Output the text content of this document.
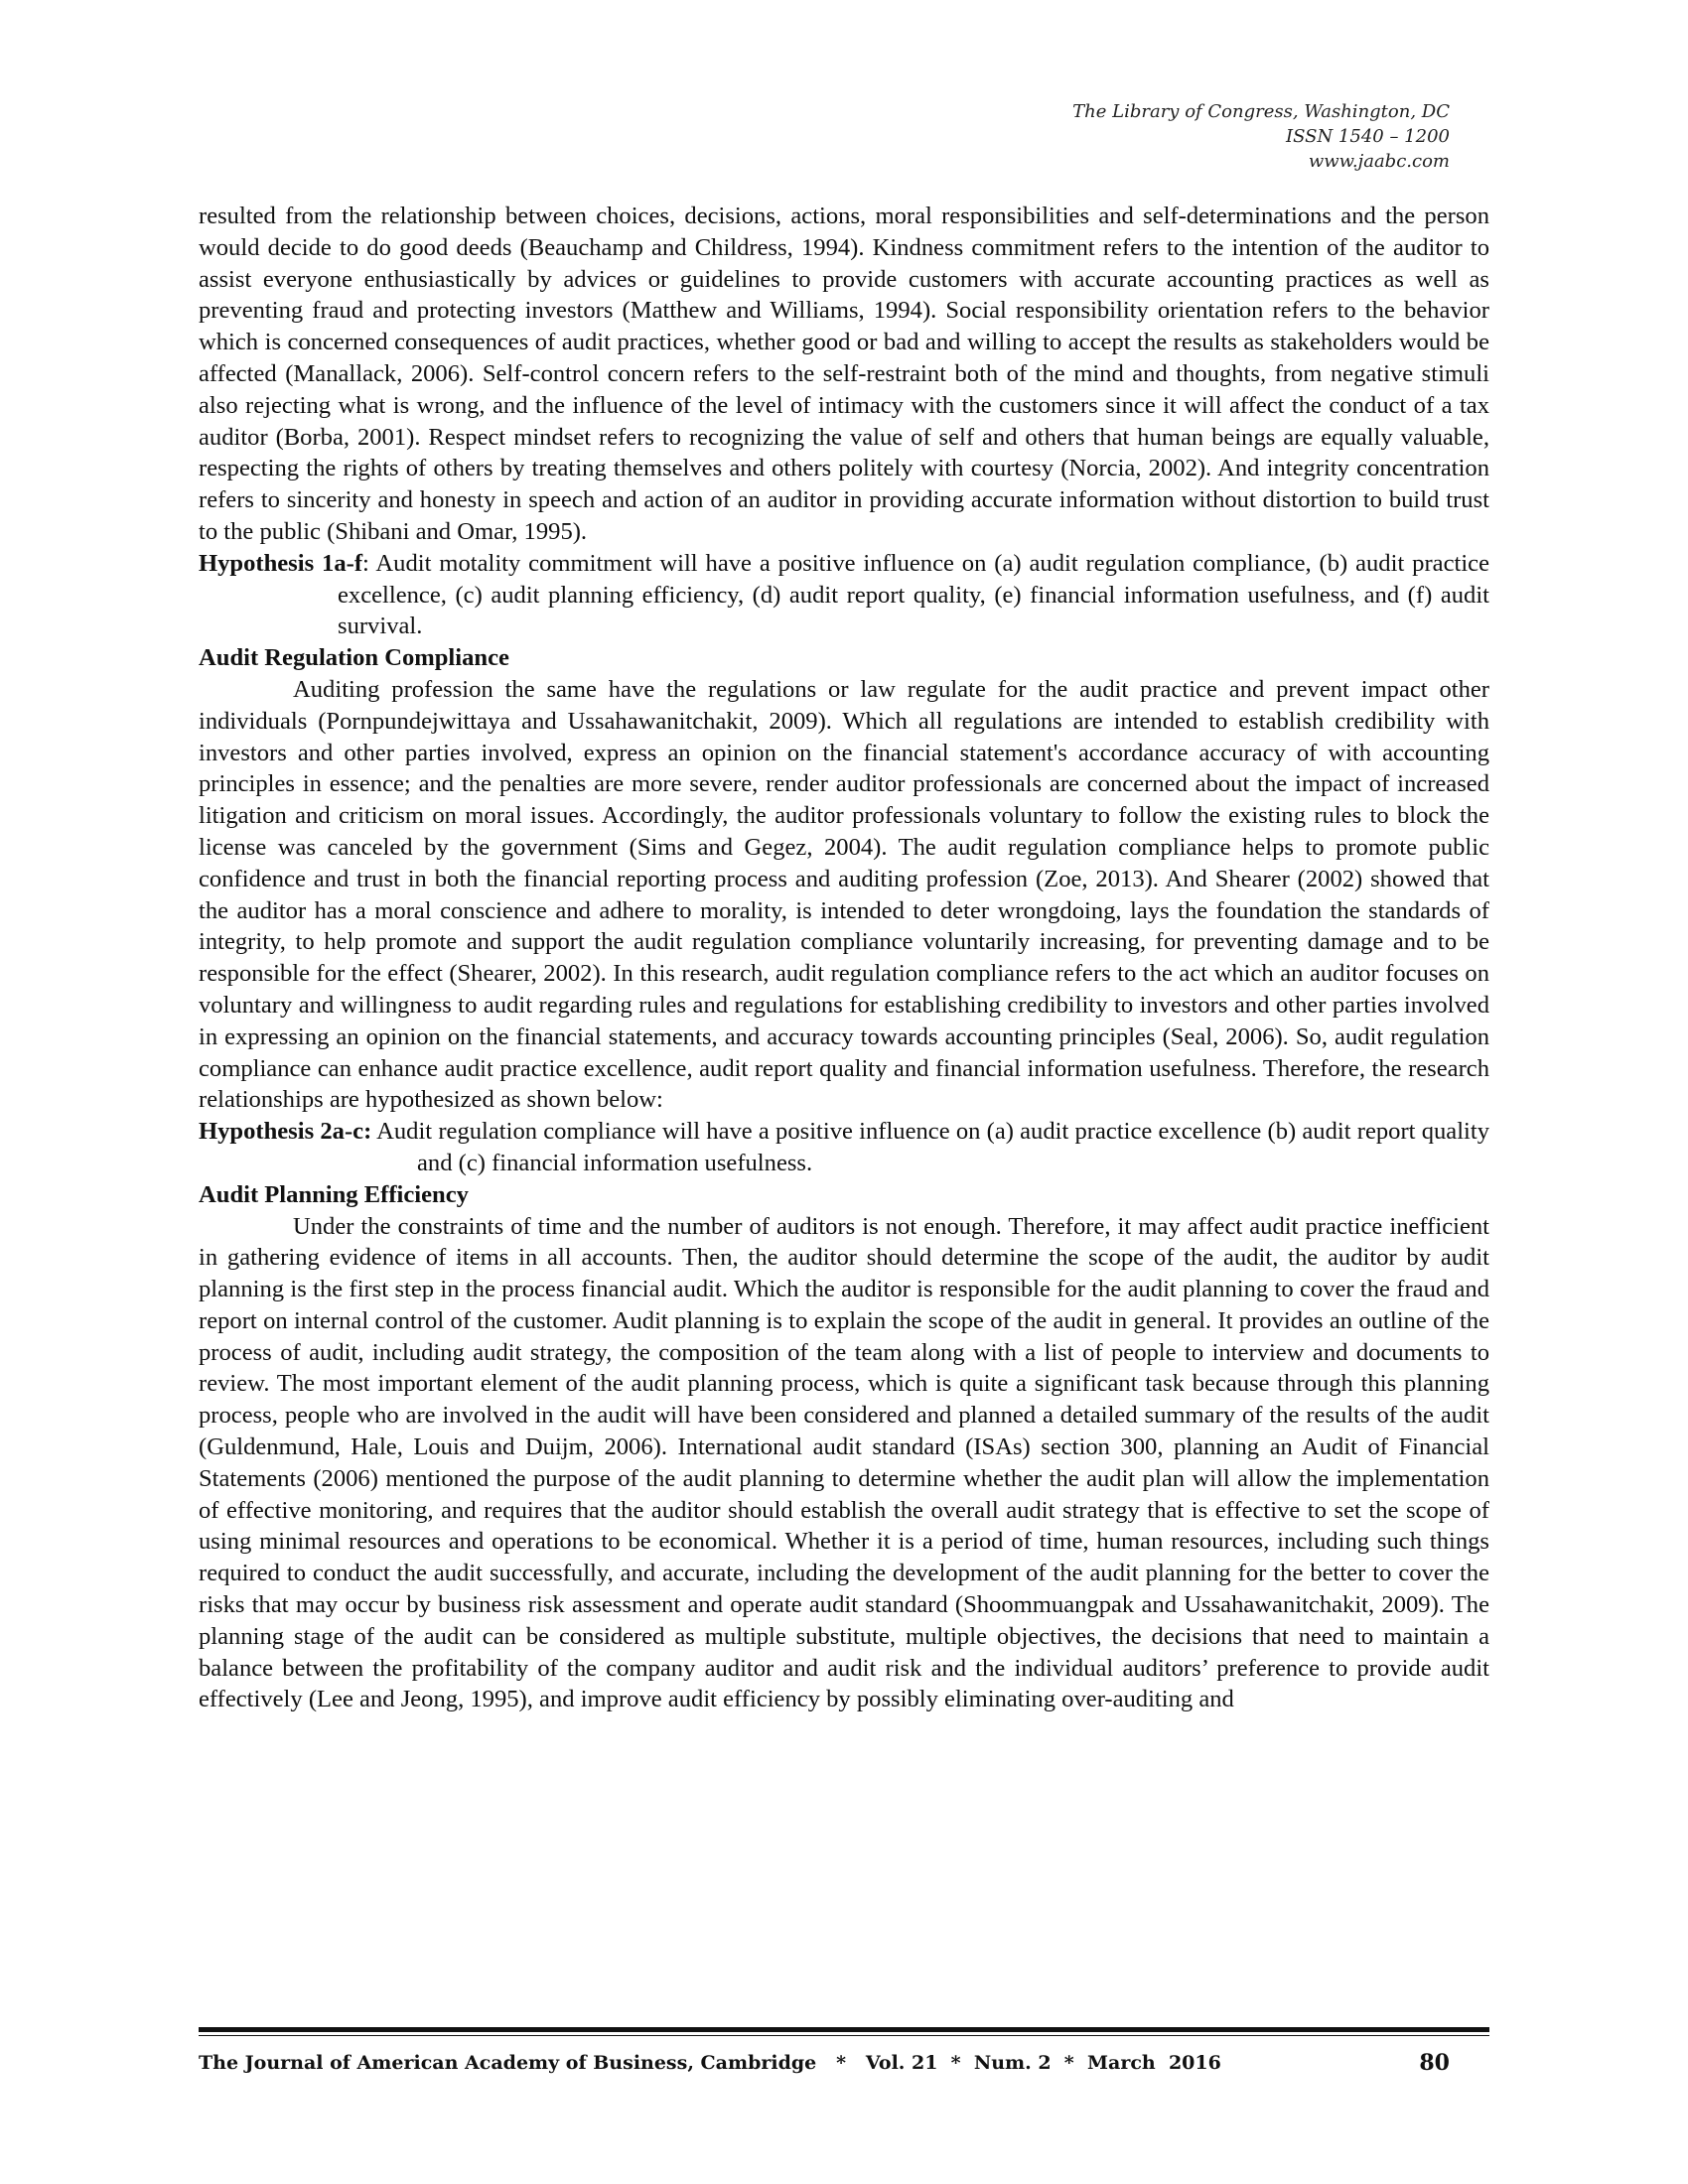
The Library of Congress, Washington, DC
ISSN 1540 – 1200
www.jaabc.com

resulted from the relationship between choices, decisions, actions, moral responsibilities and self-determinations and the person would decide to do good deeds (Beauchamp and Childress, 1994). Kindness commitment refers to the intention of the auditor to assist everyone enthusiastically by advices or guidelines to provide customers with accurate accounting practices as well as preventing fraud and protecting investors (Matthew and Williams, 1994). Social responsibility orientation refers to the behavior which is concerned consequences of audit practices, whether good or bad and willing to accept the results as stakeholders would be affected (Manallack, 2006). Self-control concern refers to the self-restraint both of the mind and thoughts, from negative stimuli also rejecting what is wrong, and the influence of the level of intimacy with the customers since it will affect the conduct of a tax auditor (Borba, 2001). Respect mindset refers to recognizing the value of self and others that human beings are equally valuable, respecting the rights of others by treating themselves and others politely with courtesy (Norcia, 2002). And integrity concentration refers to sincerity and honesty in speech and action of an auditor in providing accurate information without distortion to build trust to the public (Shibani and Omar, 1995).

Hypothesis 1a-f: Audit motality commitment will have a positive influence on (a) audit regulation compliance, (b) audit practice excellence, (c) audit planning efficiency, (d) audit report quality, (e) financial information usefulness, and (f) audit survival.

Audit Regulation Compliance

Auditing profession the same have the regulations or law regulate for the audit practice and prevent impact other individuals (Pornpundejwittaya and Ussahawanitchakit, 2009). Which all regulations are intended to establish credibility with investors and other parties involved, express an opinion on the financial statement's accordance accuracy of with accounting principles in essence; and the penalties are more severe, render auditor professionals are concerned about the impact of increased litigation and criticism on moral issues. Accordingly, the auditor professionals voluntary to follow the existing rules to block the license was canceled by the government (Sims and Gegez, 2004). The audit regulation compliance helps to promote public confidence and trust in both the financial reporting process and auditing profession (Zoe, 2013). And Shearer (2002) showed that the auditor has a moral conscience and adhere to morality, is intended to deter wrongdoing, lays the foundation the standards of integrity, to help promote and support the audit regulation compliance voluntarily increasing, for preventing damage and to be responsible for the effect (Shearer, 2002). In this research, audit regulation compliance refers to the act which an auditor focuses on voluntary and willingness to audit regarding rules and regulations for establishing credibility to investors and other parties involved in expressing an opinion on the financial statements, and accuracy towards accounting principles (Seal, 2006). So, audit regulation compliance can enhance audit practice excellence, audit report quality and financial information usefulness. Therefore, the research relationships are hypothesized as shown below:

Hypothesis 2a-c: Audit regulation compliance will have a positive influence on (a) audit practice excellence (b) audit report quality and (c) financial information usefulness.

Audit Planning Efficiency

Under the constraints of time and the number of auditors is not enough. Therefore, it may affect audit practice inefficient in gathering evidence of items in all accounts. Then, the auditor should determine the scope of the audit, the auditor by audit planning is the first step in the process financial audit. Which the auditor is responsible for the audit planning to cover the fraud and report on internal control of the customer. Audit planning is to explain the scope of the audit in general. It provides an outline of the process of audit, including audit strategy, the composition of the team along with a list of people to interview and documents to review. The most important element of the audit planning process, which is quite a significant task because through this planning process, people who are involved in the audit will have been considered and planned a detailed summary of the results of the audit (Guldenmund, Hale, Louis and Duijm, 2006). International audit standard (ISAs) section 300, planning an Audit of Financial Statements (2006) mentioned the purpose of the audit planning to determine whether the audit plan will allow the implementation of effective monitoring, and requires that the auditor should establish the overall audit strategy that is effective to set the scope of using minimal resources and operations to be economical. Whether it is a period of time, human resources, including such things required to conduct the audit successfully, and accurate, including the development of the audit planning for the better to cover the risks that may occur by business risk assessment and operate audit standard (Shoommuangpak and Ussahawanitchakit, 2009). The planning stage of the audit can be considered as multiple substitute, multiple objectives, the decisions that need to maintain a balance between the profitability of the company auditor and audit risk and the individual auditors’ preference to provide audit effectively (Lee and Jeong, 1995), and improve audit efficiency by possibly eliminating over-auditing and

The Journal of American Academy of Business, Cambridge   *   Vol. 21  *  Num. 2  *  March  2016	80
